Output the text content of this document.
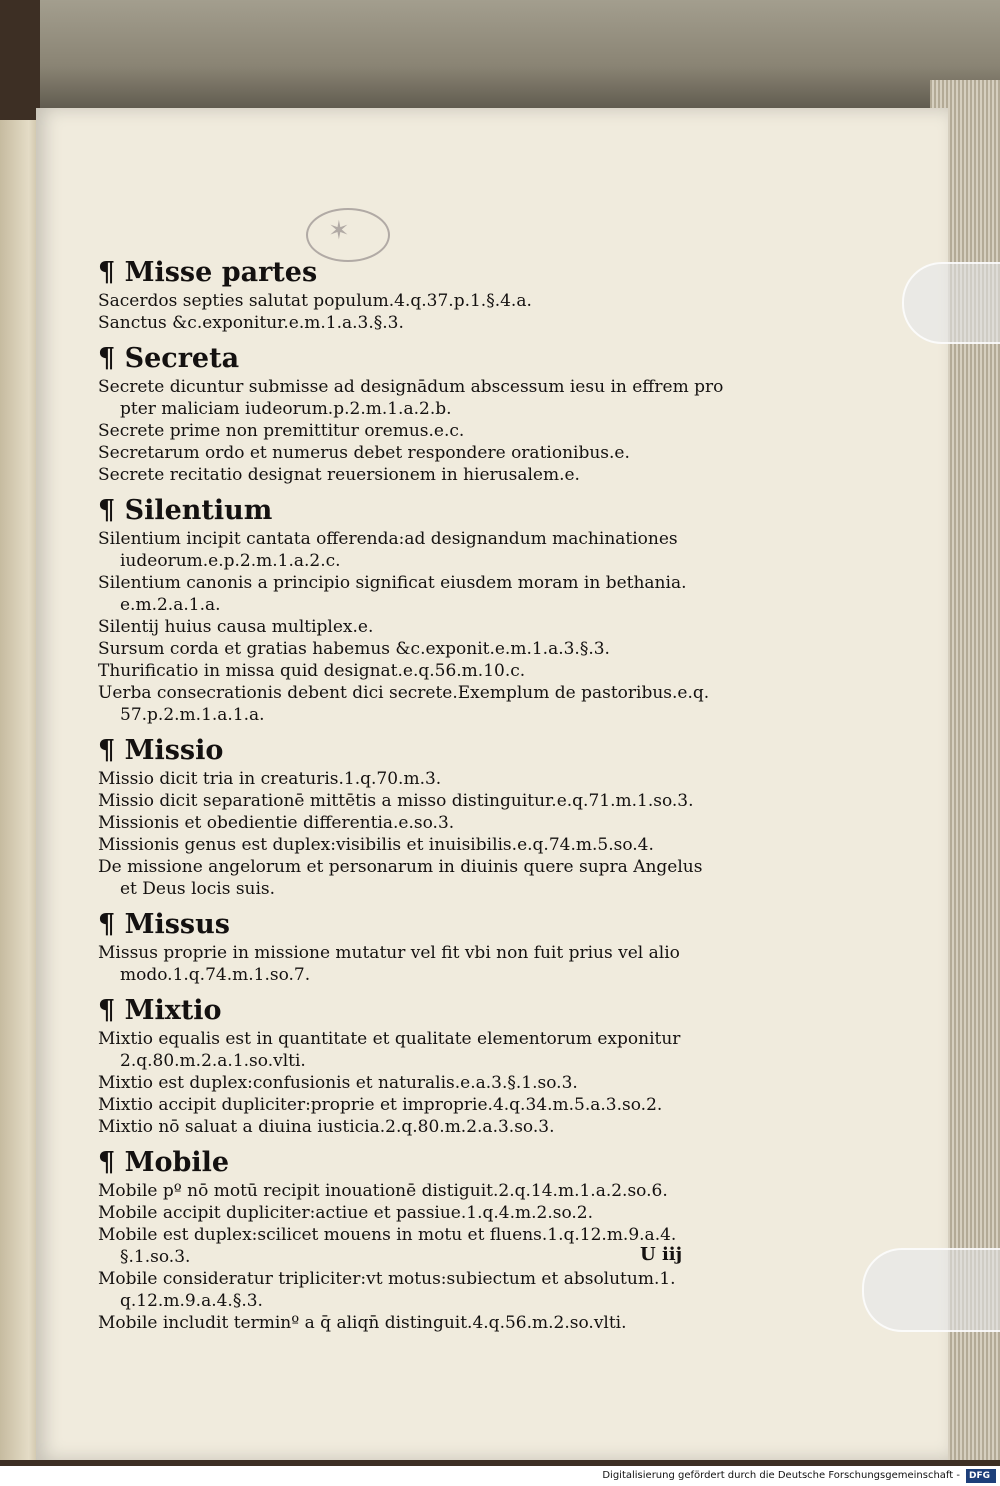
✶
¶ Misse partes

Sacerdos septies salutat populum.4.q.37.p.1.§.4.a.

Sanctus &c.exponitur.e.m.1.a.3.§.3.

¶ Secreta

Secrete dicuntur submisse ad designādum abscessum iesu in effrem pro

pter maliciam iudeorum.p.2.m.1.a.2.b.

Secrete prime non premittitur oremus.e.c.

Secretarum ordo et numerus debet respondere orationibus.e.

Secrete recitatio designat reuersionem in hierusalem.e.

¶ Silentium

Silentium incipit cantata offerenda:ad designandum machinationes

iudeorum.e.p.2.m.1.a.2.c.

Silentium canonis a principio significat eiusdem moram in bethania.

e.m.2.a.1.a.

Silentij huius causa multiplex.e.

Sursum corda et gratias habemus &c.exponit.e.m.1.a.3.§.3.

Thurificatio in missa quid designat.e.q.56.m.10.c.

Uerba consecrationis debent dici secrete.Exemplum de pastoribus.e.q.

57.p.2.m.1.a.1.a.

¶ Missio

Missio dicit tria in creaturis.1.q.70.m.3.

Missio dicit separationē mittētis a misso distinguitur.e.q.71.m.1.so.3.

Missionis et obedientie differentia.e.so.3.

Missionis genus est duplex:visibilis et inuisibilis.e.q.74.m.5.so.4.

De missione angelorum et personarum in diuinis quere supra Angelus

et Deus locis suis.

¶ Missus

Missus proprie in missione mutatur vel fit vbi non fuit prius vel alio

modo.1.q.74.m.1.so.7.

¶ Mixtio

Mixtio equalis est in quantitate et qualitate elementorum exponitur

2.q.80.m.2.a.1.so.vlti.

Mixtio est duplex:confusionis et naturalis.e.a.3.§.1.so.3.

Mixtio accipit dupliciter:proprie et improprie.4.q.34.m.5.a.3.so.2.

Mixtio nō saluat a diuina iusticia.2.q.80.m.2.a.3.so.3.

¶ Mobile

Mobile pº nō motū recipit inouationē distiguit.2.q.14.m.1.a.2.so.6.

Mobile accipit dupliciter:actiue et passiue.1.q.4.m.2.so.2.

Mobile est duplex:scilicet mouens in motu et fluens.1.q.12.m.9.a.4.

§.1.so.3.

Mobile consideratur tripliciter:vt motus:subiectum et absolutum.1.

q.12.m.9.a.4.§.3.

Mobile includit terminº a q̄ aliqn̄ distinguit.4.q.56.m.2.so.vlti.

U iij
Digitalisierung gefördert durch die Deutsche Forschungsgemeinschaft - DFG
